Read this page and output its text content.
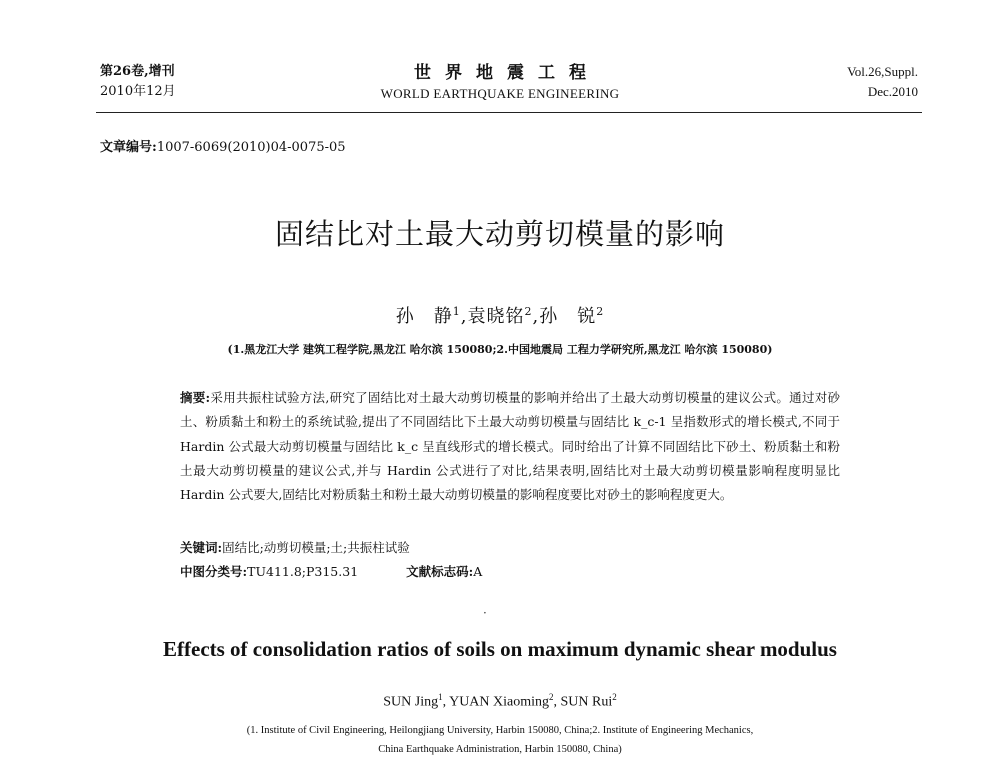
第26卷,增刊
2010年12月
世界地震工程
WORLD EARTHQUAKE ENGINEERING
Vol.26,Suppl.
Dec.2010
文章编号:1007-6069(2010)04-0075-05
固结比对土最大动剪切模量的影响
孙　静$^1$,袁晓铭$^2$,孙　锐$^2$
(1.黑龙江大学 建筑工程学院,黑龙江 哈尔滨 150080;2.中国地震局 工程力学研究所,黑龙江 哈尔滨 150080)
摘要:采用共振柱试验方法,研究了固结比对土最大动剪切模量的影响并给出了土最大动剪切模量的建议公式。通过对砂土、粉质黏土和粉土的系统试验,提出了不同固结比下土最大动剪切模量与固结比 k_c-1 呈指数形式的增长模式,不同于 Hardin 公式最大动剪切模量与固结比 k_c 呈直线形式的增长模式。同时给出了计算不同固结比下砂土、粉质黏土和粉土最大动剪切模量的建议公式,并与 Hardin 公式进行了对比,结果表明,固结比对土最大动剪切模量影响程度明显比 Hardin 公式要大,固结比对粉质黏土和粉土最大动剪切模量的影响程度要比对砂土的影响程度更大。
关键词:固结比;动剪切模量;土;共振柱试验
中图分类号:TU411.8;P315.31	文献标志码:A
·
Effects of consolidation ratios of soils on maximum dynamic shear modulus
SUN Jing$^1$, YUAN Xiaoming$^2$, SUN Rui$^2$
(1. Institute of Civil Engineering, Heilongjiang University, Harbin 150080, China;2. Institute of Engineering Mechanics,
China Earthquake Administration, Harbin 150080, China)
